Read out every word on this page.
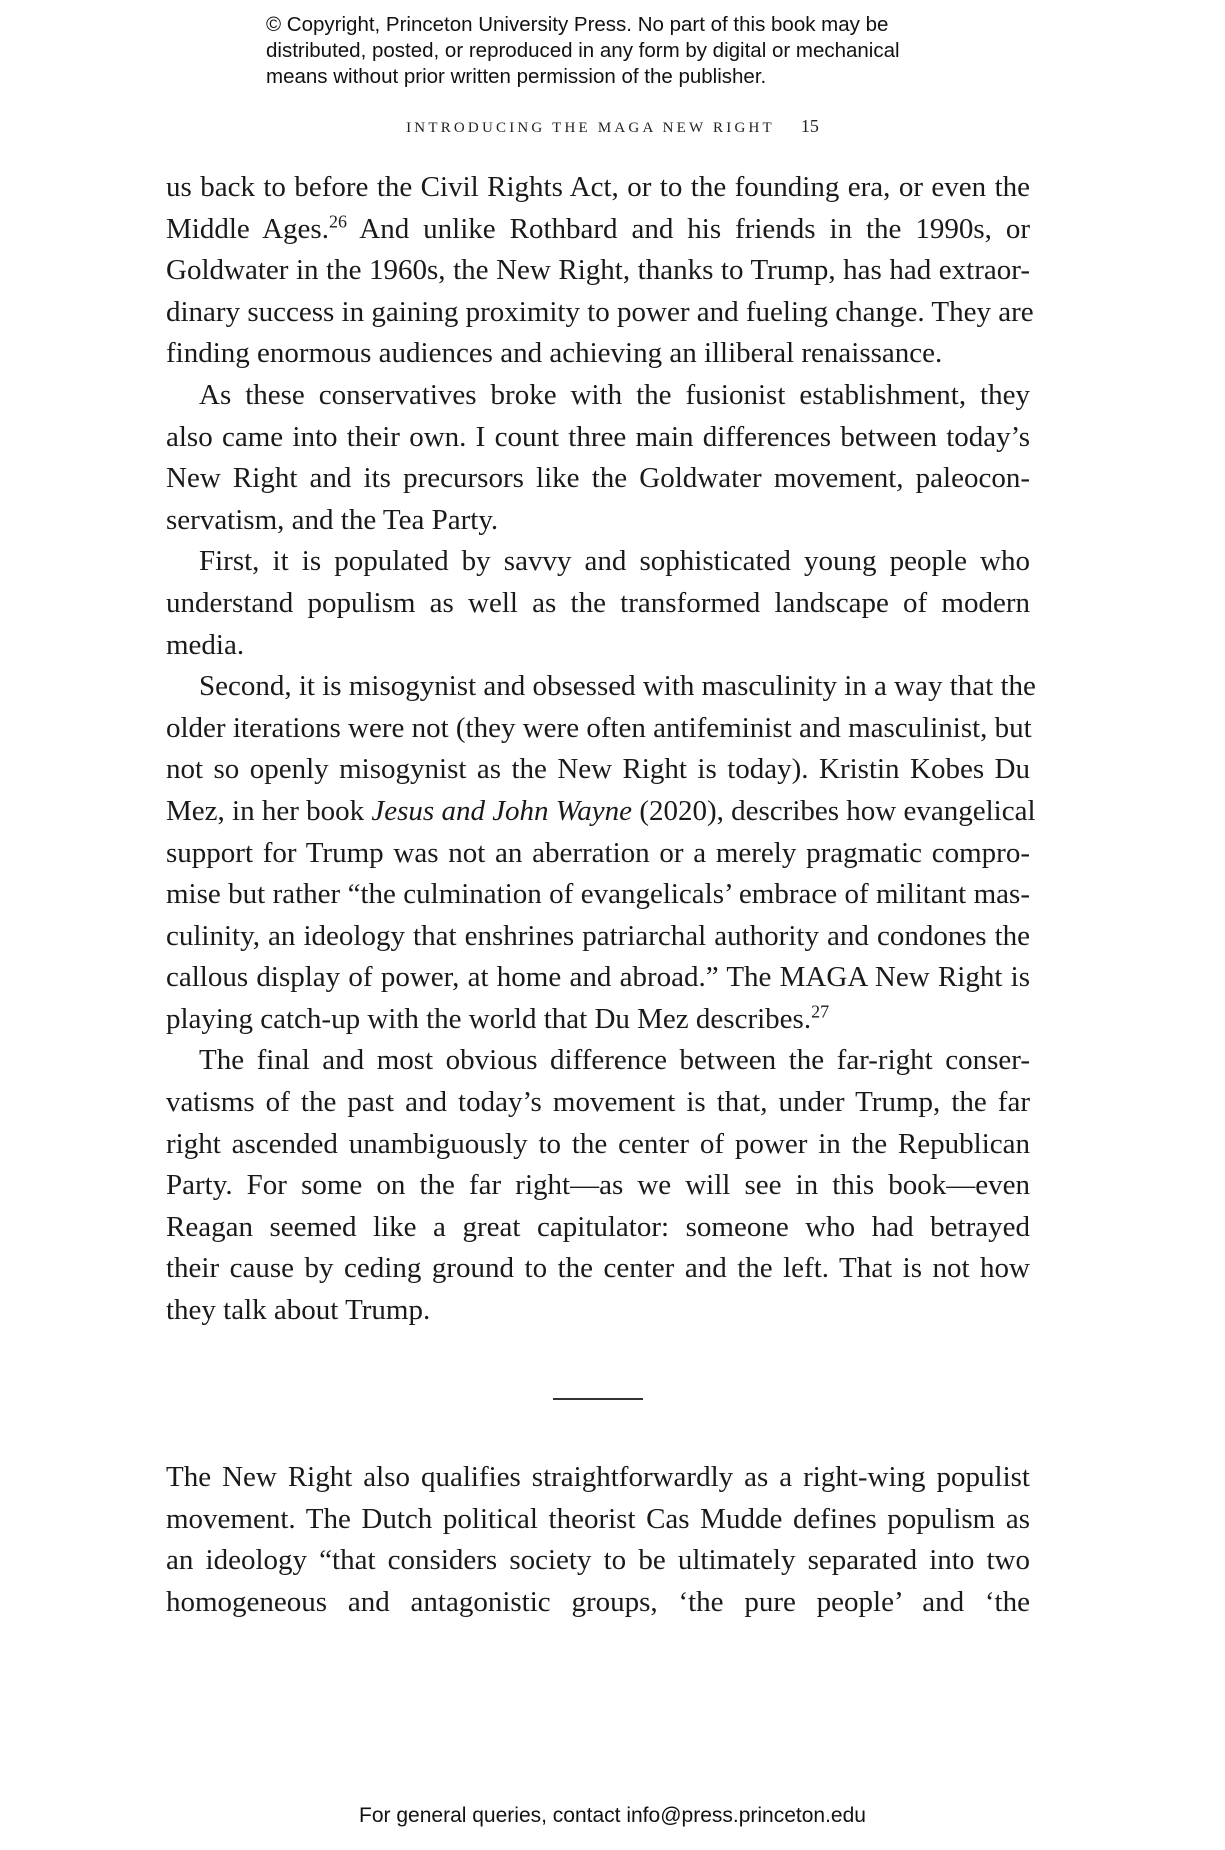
© Copyright, Princeton University Press. No part of this book may be
distributed, posted, or reproduced in any form by digital or mechanical
means without prior written permission of the publisher.
INTRODUCING THE MAGA NEW RIGHT 15
us back to before the Civil Rights Act, or to the founding era, or even the
Middle Ages.$^{26}$ And unlike Rothbard and his friends in the 1990s, or
Goldwater in the 1960s, the New Right, thanks to Trump, has had extraor-
dinary success in gaining proximity to power and fueling change. They are
finding enormous audiences and achieving an illiberal renaissance.
As these conservatives broke with the fusionist establishment, they
also came into their own. I count three main differences between today’s
New Right and its precursors like the Goldwater movement, paleocon-
servatism, and the Tea Party.
First, it is populated by savvy and sophisticated young people who
understand populism as well as the transformed landscape of modern
media.
Second, it is misogynist and obsessed with masculinity in a way that the
older iterations were not (they were often antifeminist and masculinist, but
not so openly misogynist as the New Right is today). Kristin Kobes Du
Mez, in her book Jesus and John Wayne (2020), describes how evangelical
support for Trump was not an aberration or a merely pragmatic compro-
mise but rather “the culmination of evangelicals’ embrace of militant mas-
culinity, an ideology that enshrines patriarchal authority and condones the
callous display of power, at home and abroad.” The MAGA New Right is
playing catch-up with the world that Du Mez describes.$^{27}$
The final and most obvious difference between the far-right conser-
vatisms of the past and today’s movement is that, under Trump, the far
right ascended unambiguously to the center of power in the Republican
Party. For some on the far right—as we will see in this book—even
Reagan seemed like a great capitulator: someone who had betrayed
their cause by ceding ground to the center and the left. That is not how
they talk about Trump.
The New Right also qualifies straightforwardly as a right-wing populist
movement. The Dutch political theorist Cas Mudde defines populism as
an ideology “that considers society to be ultimately separated into two
homogeneous and antagonistic groups, ‘the pure people’ and ‘the
For general queries, contact info@press.princeton.edu
